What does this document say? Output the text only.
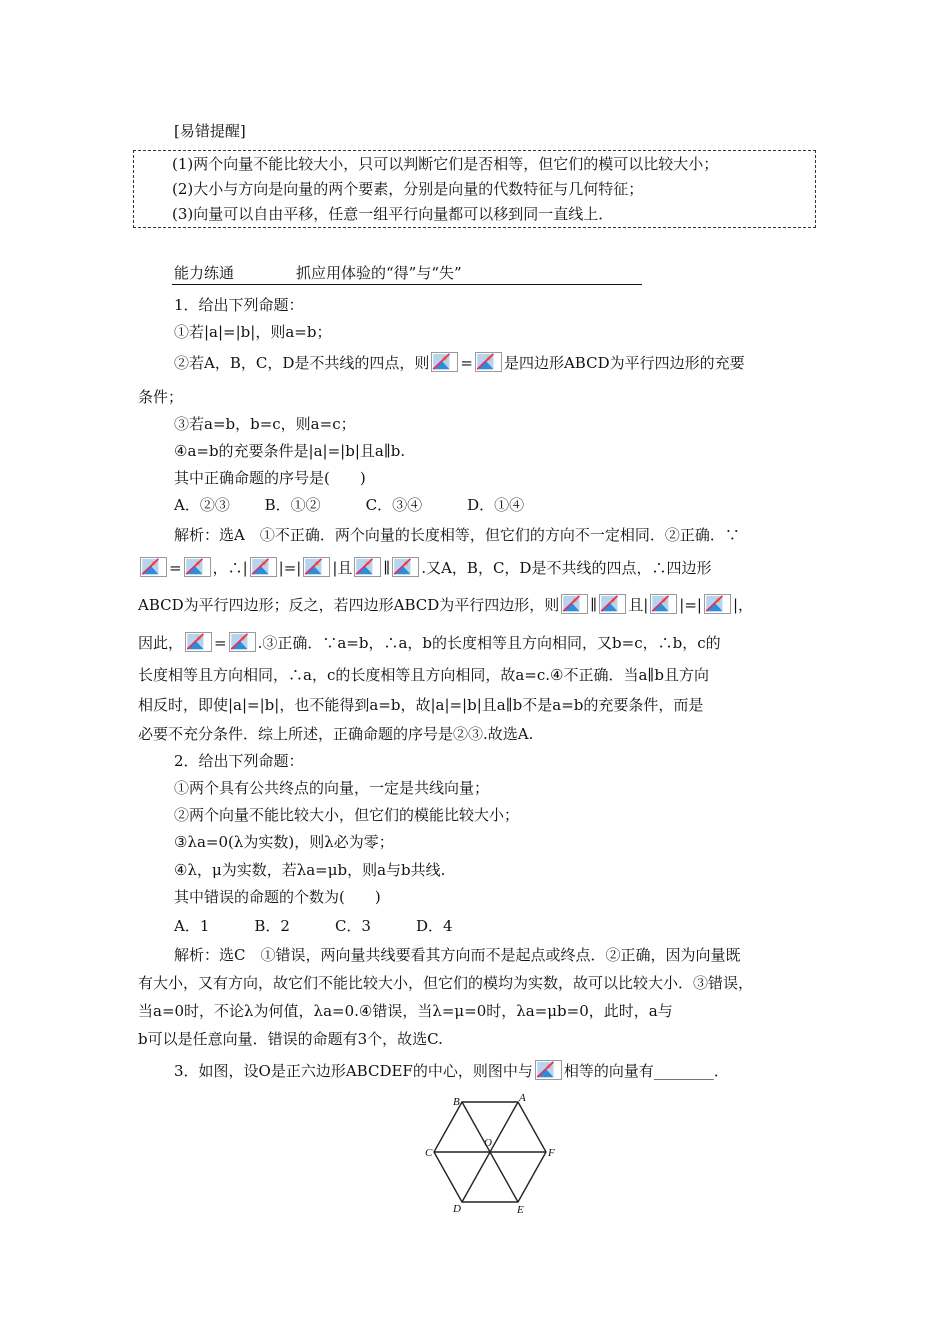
[易错提醒]
(1)两个向量不能比较大小，只可以判断它们是否相等，但它们的模可以比较大小；
(2)大小与方向是向量的两个要素，分别是向量的代数特征与几何特征；
(3)向量可以自由平移，任意一组平行向量都可以移到同一直线上．
能力练通	抓应用体验的“得”与“失”
1．给出下列命题：
①若|a|=|b|，则a=b；
②若A，B，C，D是不共线的四点，则 = 是四边形ABCD为平行四边形的充要
条件；
③若a=b，b=c，则a=c；
④a=b的充要条件是|a|=|b|且a∥b.
其中正确命题的序号是(　　)
A．②③　　 B．①②　　　C．③④　　　D．①④
解析：选A　①不正确．两个向量的长度相等，但它们的方向不一定相同．②正确．∵
= ，∴| |=| |且 ∥ .又A，B，C，D是不共线的四点，∴四边形
ABCD为平行四边形；反之，若四边形ABCD为平行四边形，则 ∥ 且| |=| |，
因此， = .③正确．∵a=b，∴a，b的长度相等且方向相同，又b=c，∴b，c的
长度相等且方向相同，∴a，c的长度相等且方向相同，故a=c.④不正确．当a∥b且方向
相反时，即使|a|=|b|，也不能得到a=b，故|a|=|b|且a∥b不是a=b的充要条件，而是
必要不充分条件．综上所述，正确命题的序号是②③.故选A.
2．给出下列命题：
①两个具有公共终点的向量，一定是共线向量；
②两个向量不能比较大小，但它们的模能比较大小；
③λa=0(λ为实数)，则λ必为零；
④λ，μ为实数，若λa=μb，则a与b共线.
其中错误的命题的个数为(　　)
A．1　　　B．2　　　C．3　　　D．4
解析：选C　①错误，两向量共线要看其方向而不是起点或终点．②正确，因为向量既
有大小，又有方向，故它们不能比较大小，但它们的模均为实数，故可以比较大小．③错误，
当a=0时，不论λ为何值，λa=0.④错误，当λ=μ=0时，λa=μb=0，此时，a与
b可以是任意向量．错误的命题有3个，故选C.
3．如图，设O是正六边形ABCDEF的中心，则图中与 相等的向量有________．
A
B
C
D	E
F
O
